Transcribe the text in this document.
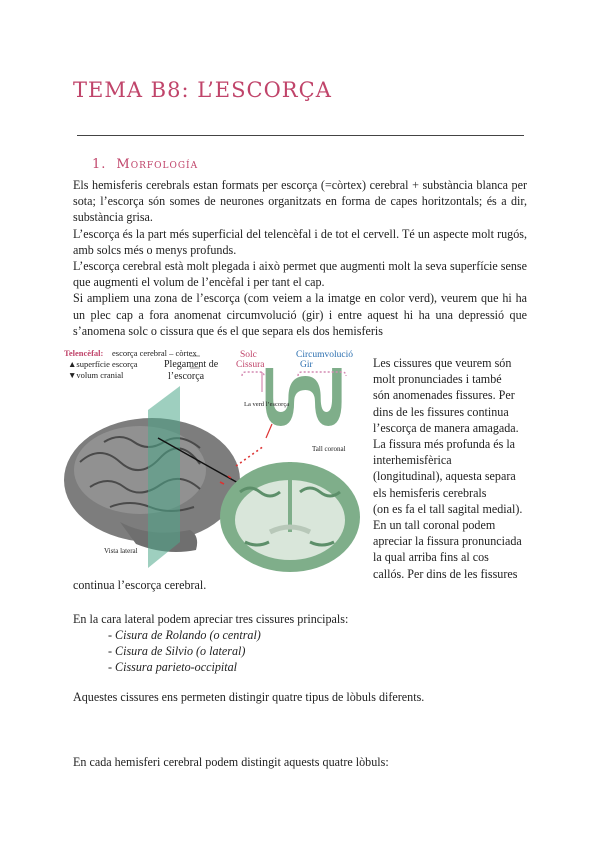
TEMA B8: L’ESCORÇA
1. Morfología

Els hemisferis cerebrals estan formats per escorça (=còrtex) cerebral + substància blanca per sota; l’escorça són somes de neurones organitzats en forma de capes horitzontals; és a dir, substància grisa.

L’escorça és la part més superficial del telencèfal i de tot el cervell. Té un aspecte molt rugós, amb solcs més o menys profunds.

L’escorça cerebral està molt plegada i això permet que augmenti molt la seva superfície sense que augmenti el volum de l’encèfal i per tant el cap.

Si ampliem una zona de l’escorça (com veiem a la imatge en color verd), veurem que hi ha un plec cap a fora anomenat circumvolució (gir) i entre aquest hi ha una depressió que s’anomena solc o cissura que és el que separa els dos hemisferis

Telencèfal: escorça cerebral – còrtex
▲superfície escorça
▼volum cranial
Plegament de
l’escorça
Solc
Cissura
Circumvolució
Gir
La verd l’escorça
Tall coronal
Vista lateral
Les cissures que veurem són
molt pronunciades i també
són anomenades fissures. Per
dins de les fissures continua
l’escorça de manera amagada.
La fissura més profunda és la
interhemisfèrica
(longitudinal), aquesta separa
els hemisferis cerebrals
(on es fa el tall sagital medial).
En un tall coronal podem
apreciar la fissura pronunciada
la qual arriba fins al cos
callós. Per dins de les fissures
continua l’escorça cerebral.
En la cara lateral podem apreciar tres cissures principals:
- Cisura de Rolando (o central)
- Cisura de Silvio (o lateral)
- Cissura parieto-occipital
Aquestes cissures ens permeten distingir quatre tipus de lòbuls diferents.
En cada hemisferi cerebral podem distingit aquests quatre lòbuls:
